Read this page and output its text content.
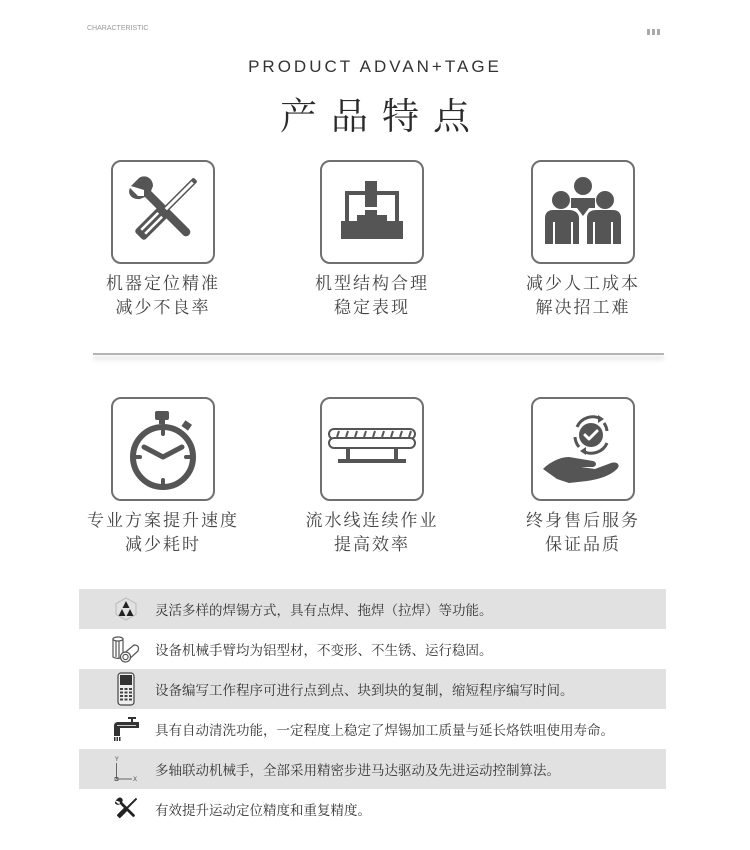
CHARACTERISTIC
PRODUCT ADVAN+TAGE
产品特点
机器定位精准
减少不良率
机型结构合理
稳定表现
减少人工成本
解决招工难
专业方案提升速度
减少耗时
流水线连续作业
提高效率
终身售后服务
保证品质
灵活多样的焊锡方式，具有点焊、拖焊（拉焊）等功能。
设备机械手臂均为铝型材，不变形、不生锈、运行稳固。
设备编写工作程序可进行点到点、块到块的复制，缩短程序编写时间。
具有自动清洗功能，一定程度上稳定了焊锡加工质量与延长烙铁咀使用寿命。
Y
X
多轴联动机械手，全部采用精密步进马达驱动及先进运动控制算法。
有效提升运动定位精度和重复精度。
